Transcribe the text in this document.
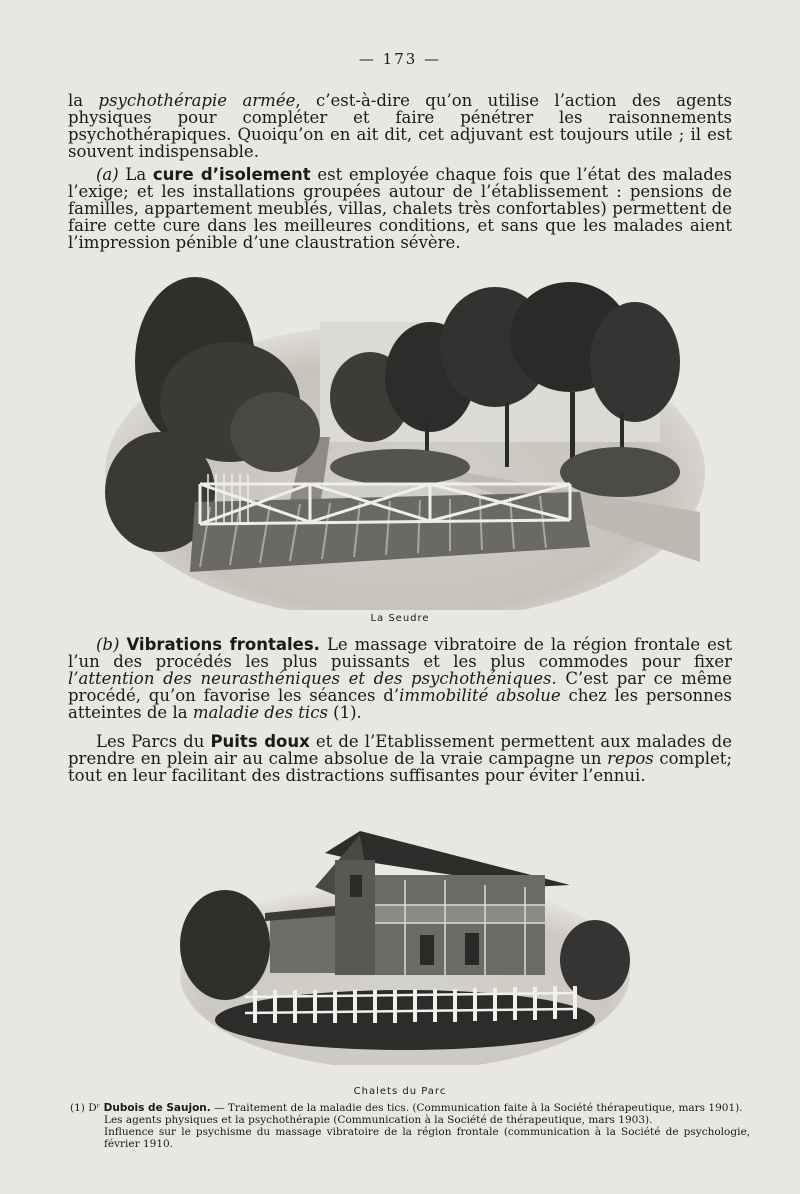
— 173 —

la psychothérapie armée, c’est-à-dire qu’on utilise l’action des agents physiques pour compléter et faire pénétrer les raisonnements psychothérapiques. Quoiqu’on en ait dit, cet adjuvant est toujours utile ; il est souvent indispensable.

(a) La cure d’isolement est employée chaque fois que l’état des malades l’exige; et les installations groupées autour de l’établissement : pensions de familles, appartement meublés, villas, chalets très confortables) permettent de faire cette cure dans les meilleures conditions, et sans que les malades aient l’impression pénible d’une claustration sévère.

La Seudre

(b) Vibrations frontales. Le massage vibratoire de la région frontale est l’un des procédés les plus puissants et les plus commodes pour fixer l’attention des neurasthéniques et des psychothéniques. C’est par ce même procédé, qu’on favorise les séances d’immobilité absolue chez les personnes atteintes de la maladie des tics (1).

Les Parcs du Puits doux et de l’Etablissement permettent aux malades de prendre en plein air au calme absolue de la vraie campagne un repos complet; tout en leur facilitant des distractions suffisantes pour éviter l’ennui.

Chalets du Parc

(1) Dʳ Dubois de Saujon. — Traitement de la maladie des tics. (Communication faite à la Société thérapeutique, mars 1901).

Les agents physiques et la psychothérapie (Communication à la Société de thérapeutique, mars 1903).

Influence sur le psychisme du massage vibratoire de la région frontale (communication à la Société de psychologie, février 1910.
